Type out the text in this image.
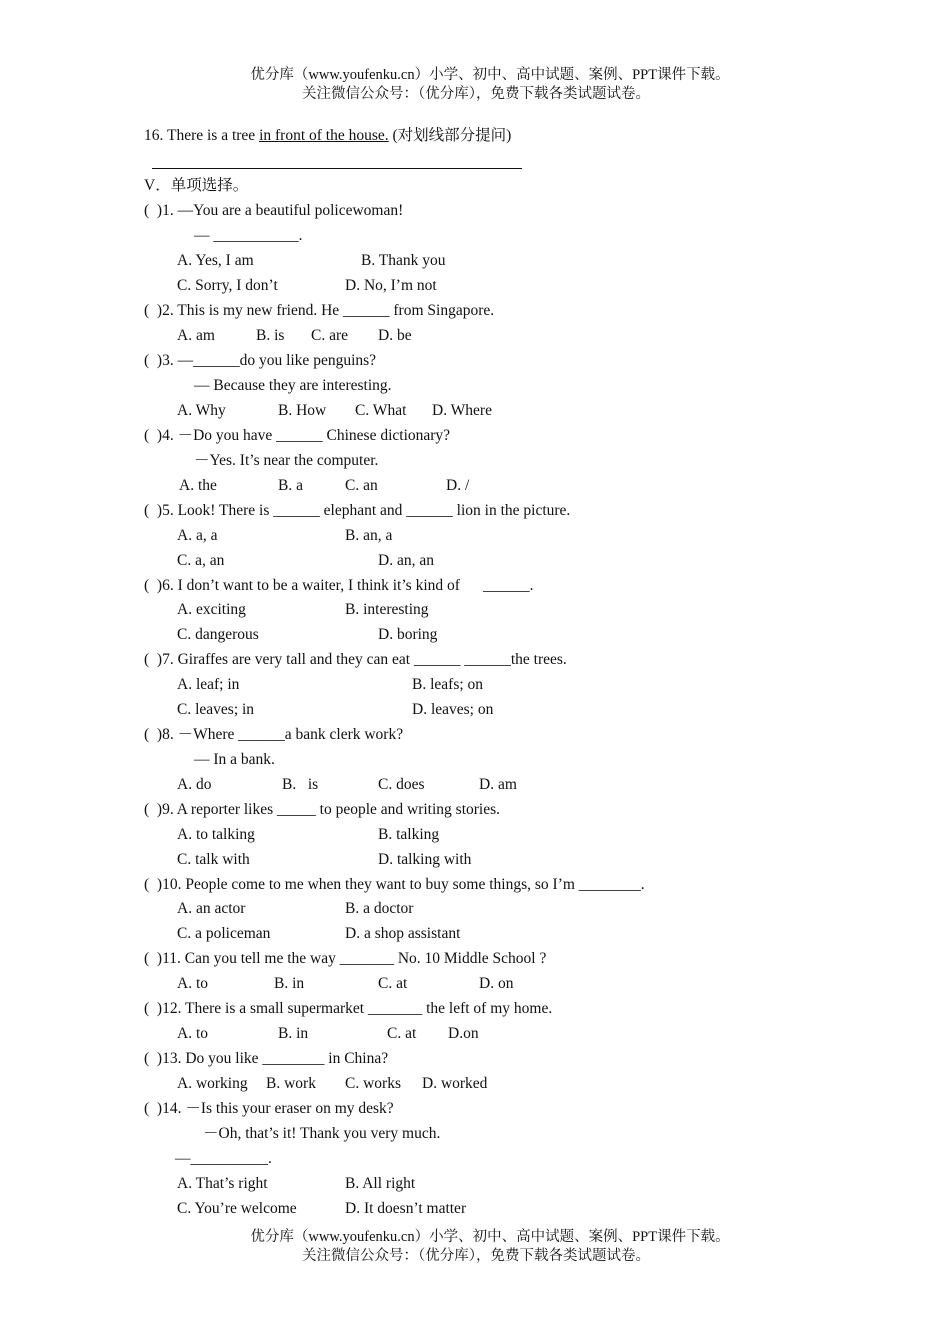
优分库（www.youfenku.cn）小学、初中、高中试题、案例、PPT课件下载。
关注微信公众号：（优分库），免费下载各类试题试卷。
16. There is a tree in front of the house. (对划线部分提问)
V．单项选择。
(  )1. —You are a beautiful policewoman!
— ___________.
A. Yes, I am	B. Thank you
C. Sorry, I don’t	D. No, I’m not
(  )2. This is my new friend. He ______ from Singapore.
A. am	B. is C. are D. be
(  )3. —______do you like penguins?
— Because they are interesting.
A. Why	B. How C. What D. Where
(  )4. －Do you have ______ Chinese dictionary?
－Yes. It’s near the computer.
A. the	B. a	C. an	D. /
(  )5. Look! There is ______ elephant and ______ lion in the picture.
A. a, a	B. an, a
C. a, an	D. an, an
(  )6. I don’t want to be a waiter, I think it’s kind of      ______.
A. exciting	B. interesting
C. dangerous	D. boring
(  )7. Giraffes are very tall and they can eat ______ ______the trees.
A. leaf; in	B. leafs; on
C. leaves; in	D. leaves; on
(  )8. －Where ______a bank clerk work?
— In a bank.
A. do	B.   is	C. does	D. am
(  )9. A reporter likes _____ to people and writing stories.
A. to talking	B. talking
C. talk with	D. talking with
(  )10. People come to me when they want to buy some things, so I’m ________.
A. an actor	B. a doctor
C. a policeman	D. a shop assistant
(  )11. Can you tell me the way _______ No. 10 Middle School ?
A. to	B. in	C. at	D. on
(  )12. There is a small supermarket _______ the left of my home.
A. to	B. in	C. at D.on
(  )13. Do you like ________ in China?
A. working B. work C. works D. worked
(  )14. －Is this your eraser on my desk?
－Oh, that’s it! Thank you very much.
—__________.
A. That’s right	B. All right
C. You’re welcome	D. It doesn’t matter
优分库（www.youfenku.cn）小学、初中、高中试题、案例、PPT课件下载。
关注微信公众号：（优分库），免费下载各类试题试卷。
